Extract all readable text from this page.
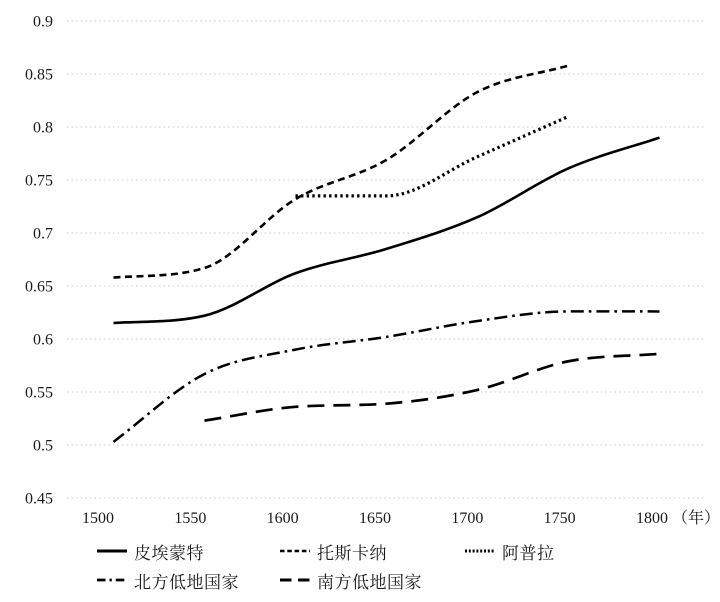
0.9
0.85
0.8
0.75
0.7
0.65
0.6
0.55
0.5
0.45
1500	1550	1600	1650	1700	1750	1800 （年）
皮埃蒙特	托斯卡纳	阿普拉
北方低地国家	南方低地国家
